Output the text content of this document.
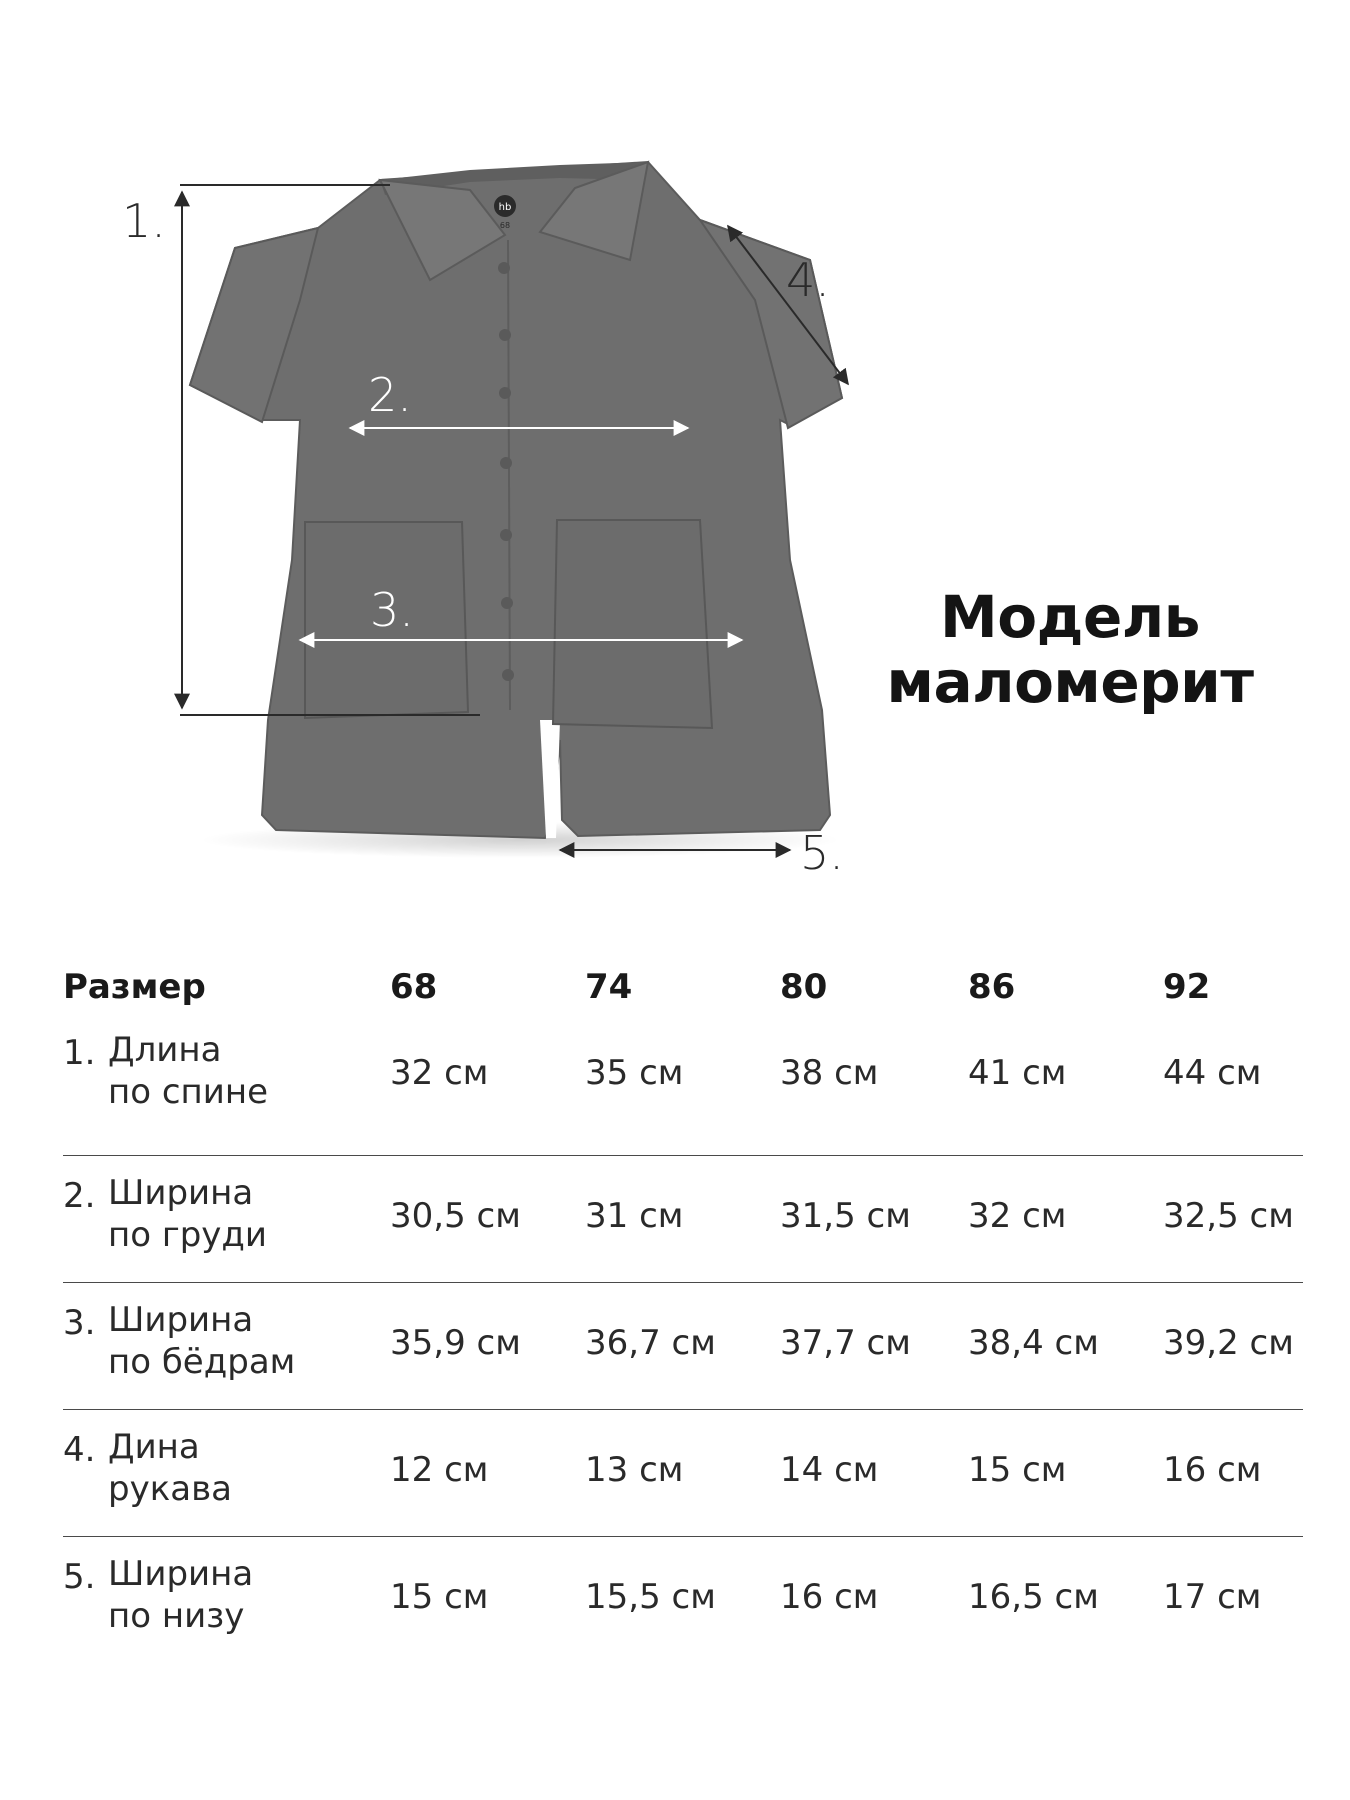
hb
68
1.
2.
3.
4.
5.
Модель
маломерит
Размер	68	74	80	86	92
1. Длина
по спине	32 см	35 см	38 см	41 см	44 см
2. Ширина
по груди	30,5 см 31 см	31,5 см 32 см	32,5 см
3. Ширина
по бёдрам	35,9 см 36,7 см 37,7 см 38,4 см 39,2 см
4. Дина
рукава	12 см	13 см	14 см	15 см	16 см
5. Ширина
по низу	15 см	15,5 см 16 см	16,5 см 17 см
